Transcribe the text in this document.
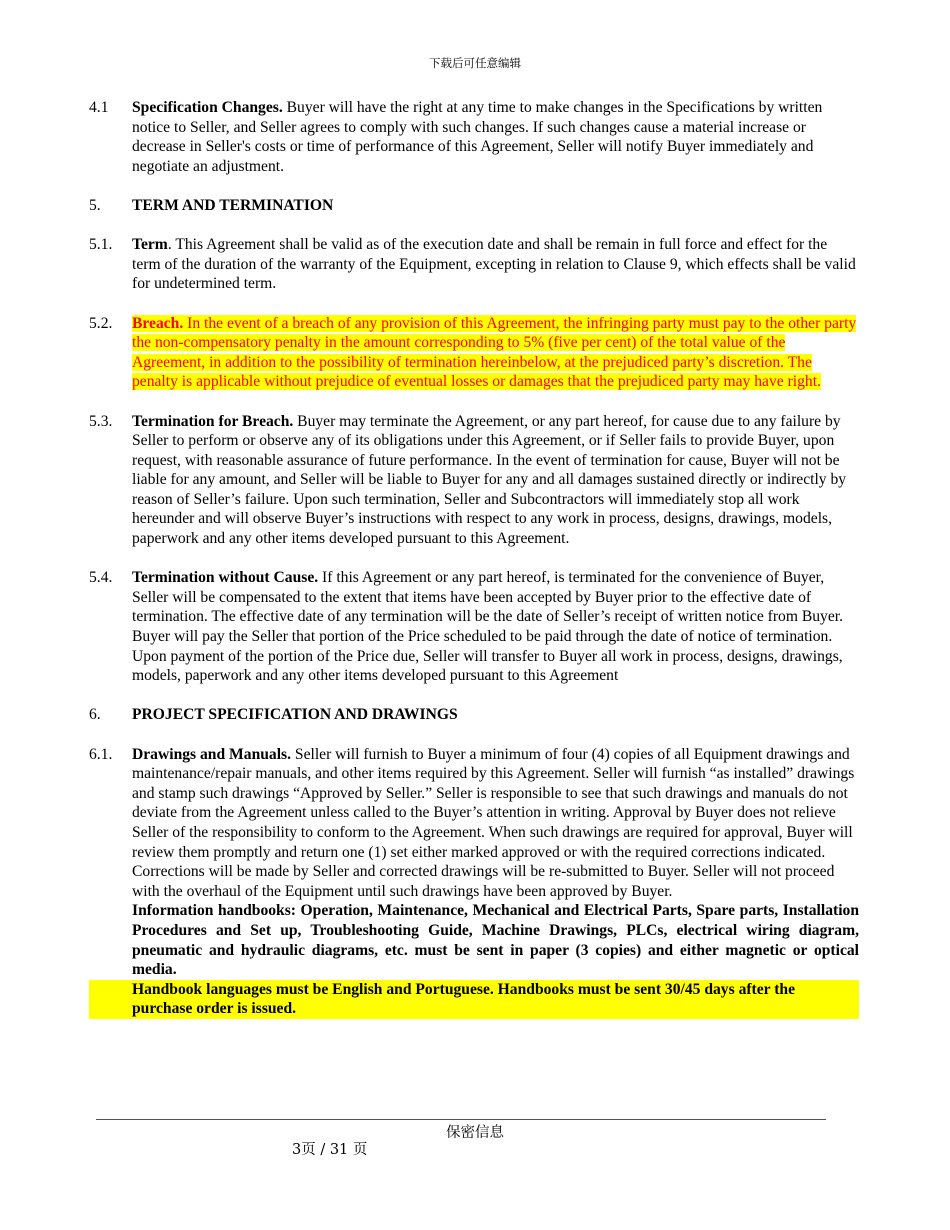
下载后可任意编辑
4.1	Specification Changes. Buyer will have the right at any time to make changes in the Specifications by written notice to Seller, and Seller agrees to comply with such changes. If such changes cause a material increase or decrease in Seller's costs or time of performance of this Agreement, Seller will notify Buyer immediately and negotiate an adjustment.

5.	TERM AND TERMINATION
5.1.	Term. This Agreement shall be valid as of the execution date and shall be remain in full force and effect for the term of the duration of the warranty of the Equipment, excepting in relation to Clause 9, which effects shall be valid for undetermined term.

5.2.	Breach. In the event of a breach of any provision of this Agreement, the infringing party must pay to the other party the non-compensatory penalty in the amount corresponding to 5% (five per cent) of the total value of the Agreement, in addition to the possibility of termination hereinbelow, at the prejudiced party’s discretion. The penalty is applicable without prejudice of eventual losses or damages that the prejudiced party may have right.

5.3.	Termination for Breach. Buyer may terminate the Agreement, or any part hereof, for cause due to any failure by Seller to perform or observe any of its obligations under this Agreement, or if Seller fails to provide Buyer, upon request, with reasonable assurance of future performance. In the event of termination for cause, Buyer will not be liable for any amount, and Seller will be liable to Buyer for any and all damages sustained directly or indirectly by reason of Seller’s failure. Upon such termination, Seller and Subcontractors will immediately stop all work hereunder and will observe Buyer’s instructions with respect to any work in process, designs, drawings, models, paperwork and any other items developed pursuant to this Agreement.

5.4.	Termination without Cause. If this Agreement or any part hereof, is terminated for the convenience of Buyer, Seller will be compensated to the extent that items have been accepted by Buyer prior to the effective date of termination. The effective date of any termination will be the date of Seller’s receipt of written notice from Buyer. Buyer will pay the Seller that portion of the Price scheduled to be paid through the date of notice of termination. Upon payment of the portion of the Price due, Seller will transfer to Buyer all work in process, designs, drawings, models, paperwork and any other items developed pursuant to this Agreement

6.	PROJECT SPECIFICATION AND DRAWINGS
6.1.	Drawings and Manuals. Seller will furnish to Buyer a minimum of four (4) copies of all Equipment drawings and maintenance/repair manuals, and other items required by this Agreement. Seller will furnish “as installed” drawings and stamp such drawings “Approved by Seller.” Seller is responsible to see that such drawings and manuals do not deviate from the Agreement unless called to the Buyer’s attention in writing. Approval by Buyer does not relieve Seller of the responsibility to conform to the Agreement. When such drawings are required for approval, Buyer will review them promptly and return one (1) set either marked approved or with the required corrections indicated. Corrections will be made by Seller and corrected drawings will be re-submitted to Buyer. Seller will not proceed with the overhaul of the Equipment until such drawings have been approved by Buyer.

Information handbooks: Operation, Maintenance, Mechanical and Electrical Parts, Spare parts, Installation Procedures and Set up, Troubleshooting Guide, Machine Drawings, PLCs, electrical wiring diagram, pneumatic and hydraulic diagrams, etc. must be sent in paper (3 copies) and either magnetic or optical media.

Handbook languages must be English and Portuguese. Handbooks must be sent 30/45 days after the purchase order is issued.

保密信息
3页 / 31 页
